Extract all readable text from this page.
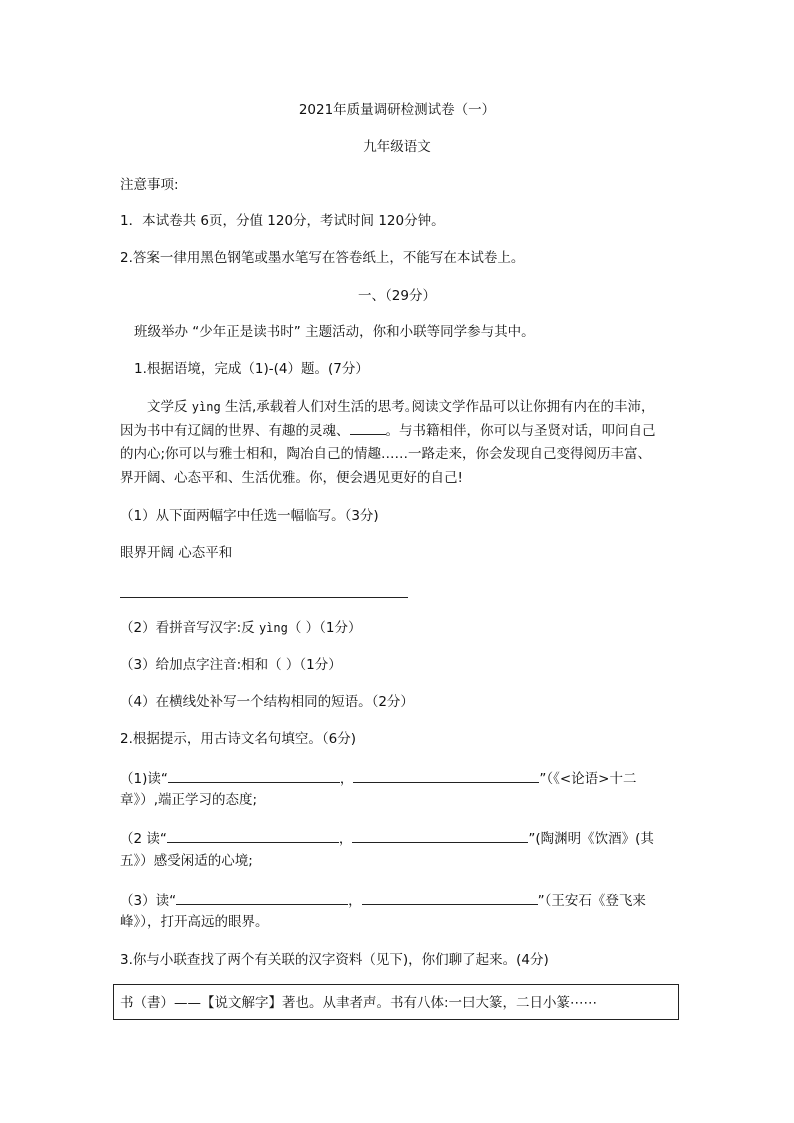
2021年质量调研检测试卷（一）
九年级语文
注意事项:
1．本试卷共 6页，分值 120分，考试时间 120分钟。
2.答案一律用黑色钢笔或墨水笔写在答卷纸上，不能写在本试卷上。
一、（29分）
班级举办 “少年正是读书时” 主题活动，你和小联等同学参与其中。
1.根据语境，完成（1)-(4）题。(7分）
文学反 yìng 生活,承载着人们对生活的思考｡阅读文学作品可以让你拥有内在的丰沛，
因为书中有辽阔的世界、有趣的灵魂、	。与书籍相伴，你可以与圣贤对话，叩问自己
的内心;你可以与雅士相和，陶冶自己的情趣……一路走来，你会发现自己变得阅历丰富、
界开阔、心态平和、生活优雅。你，便会遇见更好的自己!
（1）从下面两幅字中任选一幅临写。（3分)
眼界开阔 心态平和
（2）看拼音写汉字:反 yìng（ ）（1分）
（3）给加点字注音:相和（ ）（1分）
（4）在横线处补写一个结构相同的短语。（2分）
2.根据提示，用古诗文名句填空。（6分)
（1)读“	，	”（《<论语>十二
章》）,端正学习的态度;
（2 读“	，	”(陶渊明《饮酒》(其
五》）感受闲适的心境;
（3）读“	，	”（王安石《登飞来
峰》），打开高远的眼界。
3.你与小联查找了两个有关联的汉字资料（见下)，你们聊了起来。(4分)
书（書）——【说文解字】著也。从聿者声。书有八体:一曰大篆，二日小篆⋯⋯
